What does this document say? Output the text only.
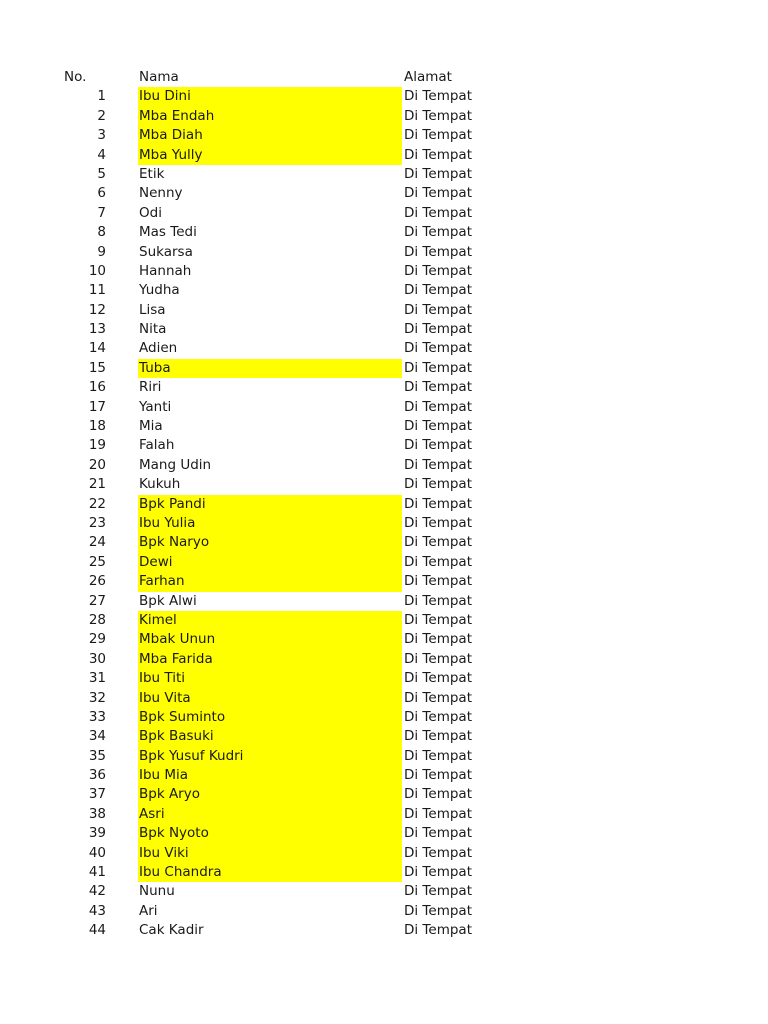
No.	Nama	Alamat
1 Ibu Dini	Di Tempat
2 Mba Endah	Di Tempat
3 Mba Diah	Di Tempat
4 Mba Yully	Di Tempat
5 Etik	Di Tempat
6 Nenny	Di Tempat
7 Odi	Di Tempat
8 Mas Tedi	Di Tempat
9 Sukarsa	Di Tempat
10 Hannah	Di Tempat
11 Yudha	Di Tempat
12 Lisa	Di Tempat
13 Nita	Di Tempat
14 Adien	Di Tempat
15 Tuba	Di Tempat
16 Riri	Di Tempat
17 Yanti	Di Tempat
18 Mia	Di Tempat
19 Falah	Di Tempat
20 Mang Udin	Di Tempat
21 Kukuh	Di Tempat
22 Bpk Pandi	Di Tempat
23 Ibu Yulia	Di Tempat
24 Bpk Naryo	Di Tempat
25 Dewi	Di Tempat
26 Farhan	Di Tempat
27 Bpk Alwi	Di Tempat
28 Kimel	Di Tempat
29 Mbak Unun	Di Tempat
30 Mba Farida	Di Tempat
31 Ibu Titi	Di Tempat
32 Ibu Vita	Di Tempat
33 Bpk Suminto	Di Tempat
34 Bpk Basuki	Di Tempat
35 Bpk Yusuf Kudri	Di Tempat
36 Ibu Mia	Di Tempat
37 Bpk Aryo	Di Tempat
38 Asri	Di Tempat
39 Bpk Nyoto	Di Tempat
40 Ibu Viki	Di Tempat
41 Ibu Chandra	Di Tempat
42 Nunu	Di Tempat
43 Ari	Di Tempat
44 Cak Kadir	Di Tempat
